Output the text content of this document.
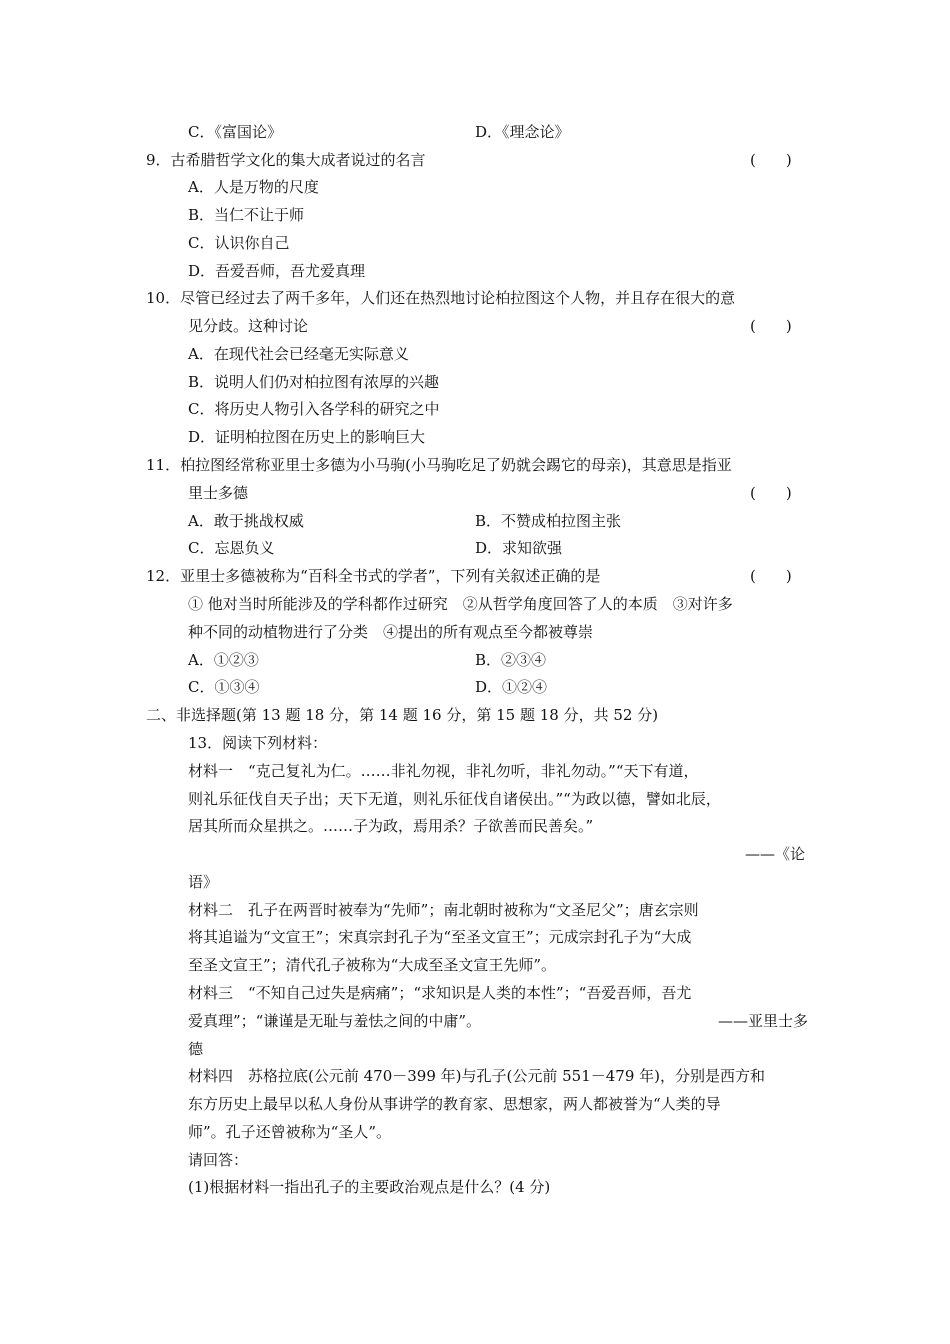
C．《富国论》	D．《理念论》
9．古希腊哲学文化的集大成者说过的名言	(　　)
A．人是万物的尺度
B．当仁不让于师
C．认识你自己
D．吾爱吾师，吾尤爱真理
10．尽管已经过去了两千多年，人们还在热烈地讨论柏拉图这个人物，并且存在很大的意
见分歧。这种讨论	(　　)
A．在现代社会已经毫无实际意义
B．说明人们仍对柏拉图有浓厚的兴趣
C．将历史人物引入各学科的研究之中
D．证明柏拉图在历史上的影响巨大
11．柏拉图经常称亚里士多德为小马驹(小马驹吃足了奶就会踢它的母亲)，其意思是指亚
里士多德	(　　)
A．敢于挑战权威	B．不赞成柏拉图主张
C．忘恩负义	D．求知欲强
12．亚里士多德被称为“百科全书式的学者”，下列有关叙述正确的是	(　　)
① 他对当时所能涉及的学科都作过研究　②从哲学角度回答了人的本质　③对许多
种不同的动植物进行了分类　④提出的所有观点至今都被尊崇
A．①②③	B．②③④
C．①③④	D．①②④
二、非选择题(第 13 题 18 分，第 14 题 16 分，第 15 题 18 分，共 52 分)
13．阅读下列材料：
材料一　“克己复礼为仁。……非礼勿视，非礼勿听，非礼勿动。”“天下有道，
则礼乐征伐自天子出；天下无道，则礼乐征伐自诸侯出。”“为政以德，譬如北辰，
居其所而众星拱之。……子为政，焉用杀？子欲善而民善矣。”
——《论
语》
材料二　孔子在两晋时被奉为“先师”；南北朝时被称为“文圣尼父”；唐玄宗则
将其追谥为“文宣王”；宋真宗封孔子为“至圣文宣王”；元成宗封孔子为“大成
至圣文宣王”；清代孔子被称为“大成至圣文宣王先师”。
材料三　“不知自己过失是病痛”；“求知识是人类的本性”；“吾爱吾师，吾尤
爱真理”；“谦谨是无耻与羞怯之间的中庸”。	——亚里士多
德
材料四　苏格拉底(公元前 470－399 年)与孔子(公元前 551－479 年)，分别是西方和
东方历史上最早以私人身份从事讲学的教育家、思想家，两人都被誉为“人类的导
师”。孔子还曾被称为“圣人”。
请回答：
(1)根据材料一指出孔子的主要政治观点是什么？(4 分)
